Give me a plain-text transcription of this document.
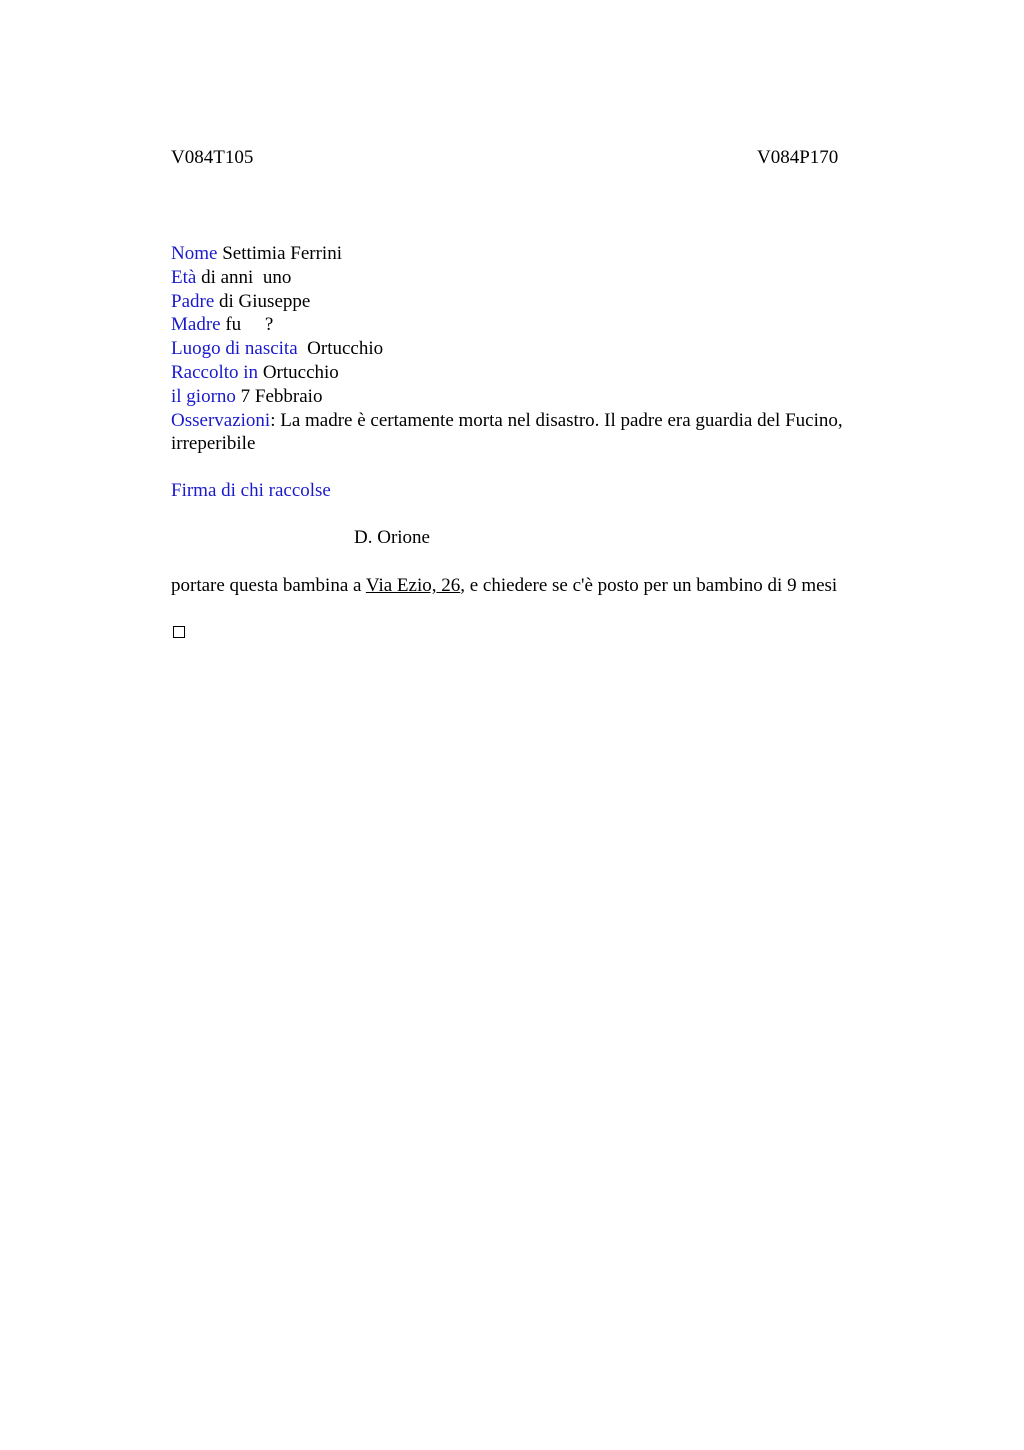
V084T105	V084P170
Nome Settimia Ferrini
Età di anni  uno
Padre di Giuseppe
Madre fu     ?
Luogo di nascita  Ortucchio
Raccolto in Ortucchio
il giorno 7 Febbraio
Osservazioni: La madre è certamente morta nel disastro. Il padre era guardia del Fucino, irreperibile
Firma di chi raccolse
D. Orione
portare questa bambina a Via Ezio, 26, e chiedere se c'è posto per un bambino di 9 mesi
